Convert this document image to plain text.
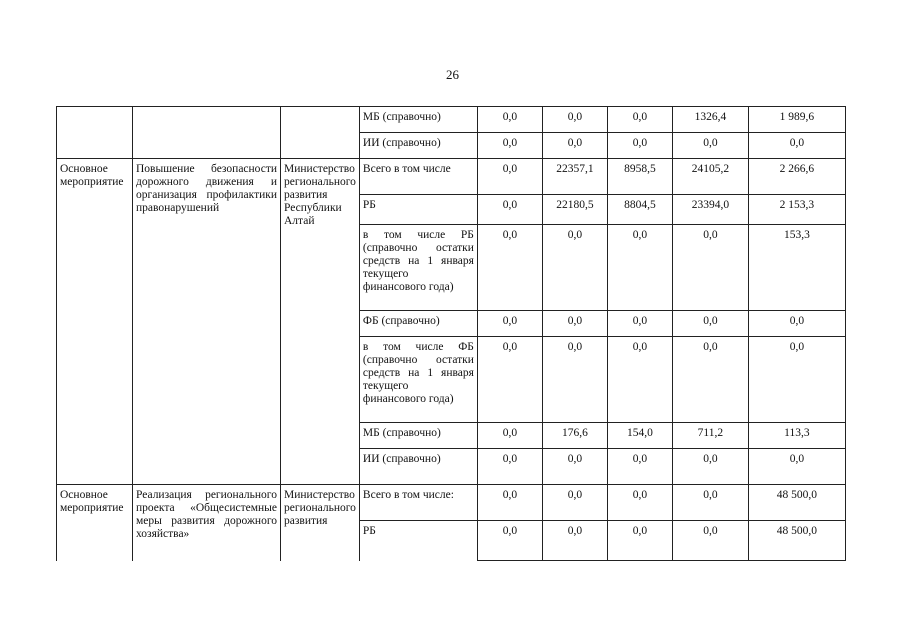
26
			МБ (справочно)	0,0	0,0	0,0	1326,4	1 989,6
			ИИ (справочно)	0,0	0,0	0,0	0,0	0,0
Основное мероприятие	Повышение безопасности дорожного движения и организация профилактики правонарушений	Министерство регионального развития Республики Алтай	Всего в том числе	0,0	22357,1	8958,5	24105,2	2 266,6
			РБ	0,0	22180,5	8804,5	23394,0	2 153,3
			в том числе РБ (справочно остатки средств на 1 января текущего финансового года)	0,0	0,0	0,0	0,0	153,3
			ФБ (справочно)	0,0	0,0	0,0	0,0	0,0
			в том числе ФБ (справочно остатки средств на 1 января текущего финансового года)	0,0	0,0	0,0	0,0	0,0
			МБ (справочно)	0,0	176,6	154,0	711,2	113,3
			ИИ (справочно)	0,0	0,0	0,0	0,0	0,0
Основное мероприятие	Реализация регионального проекта «Общесистемные меры развития дорожного хозяйства»	Министерство регионального развития	Всего в том числе:	0,0	0,0	0,0	0,0	48 500,0
			РБ	0,0	0,0	0,0	0,0	48 500,0
